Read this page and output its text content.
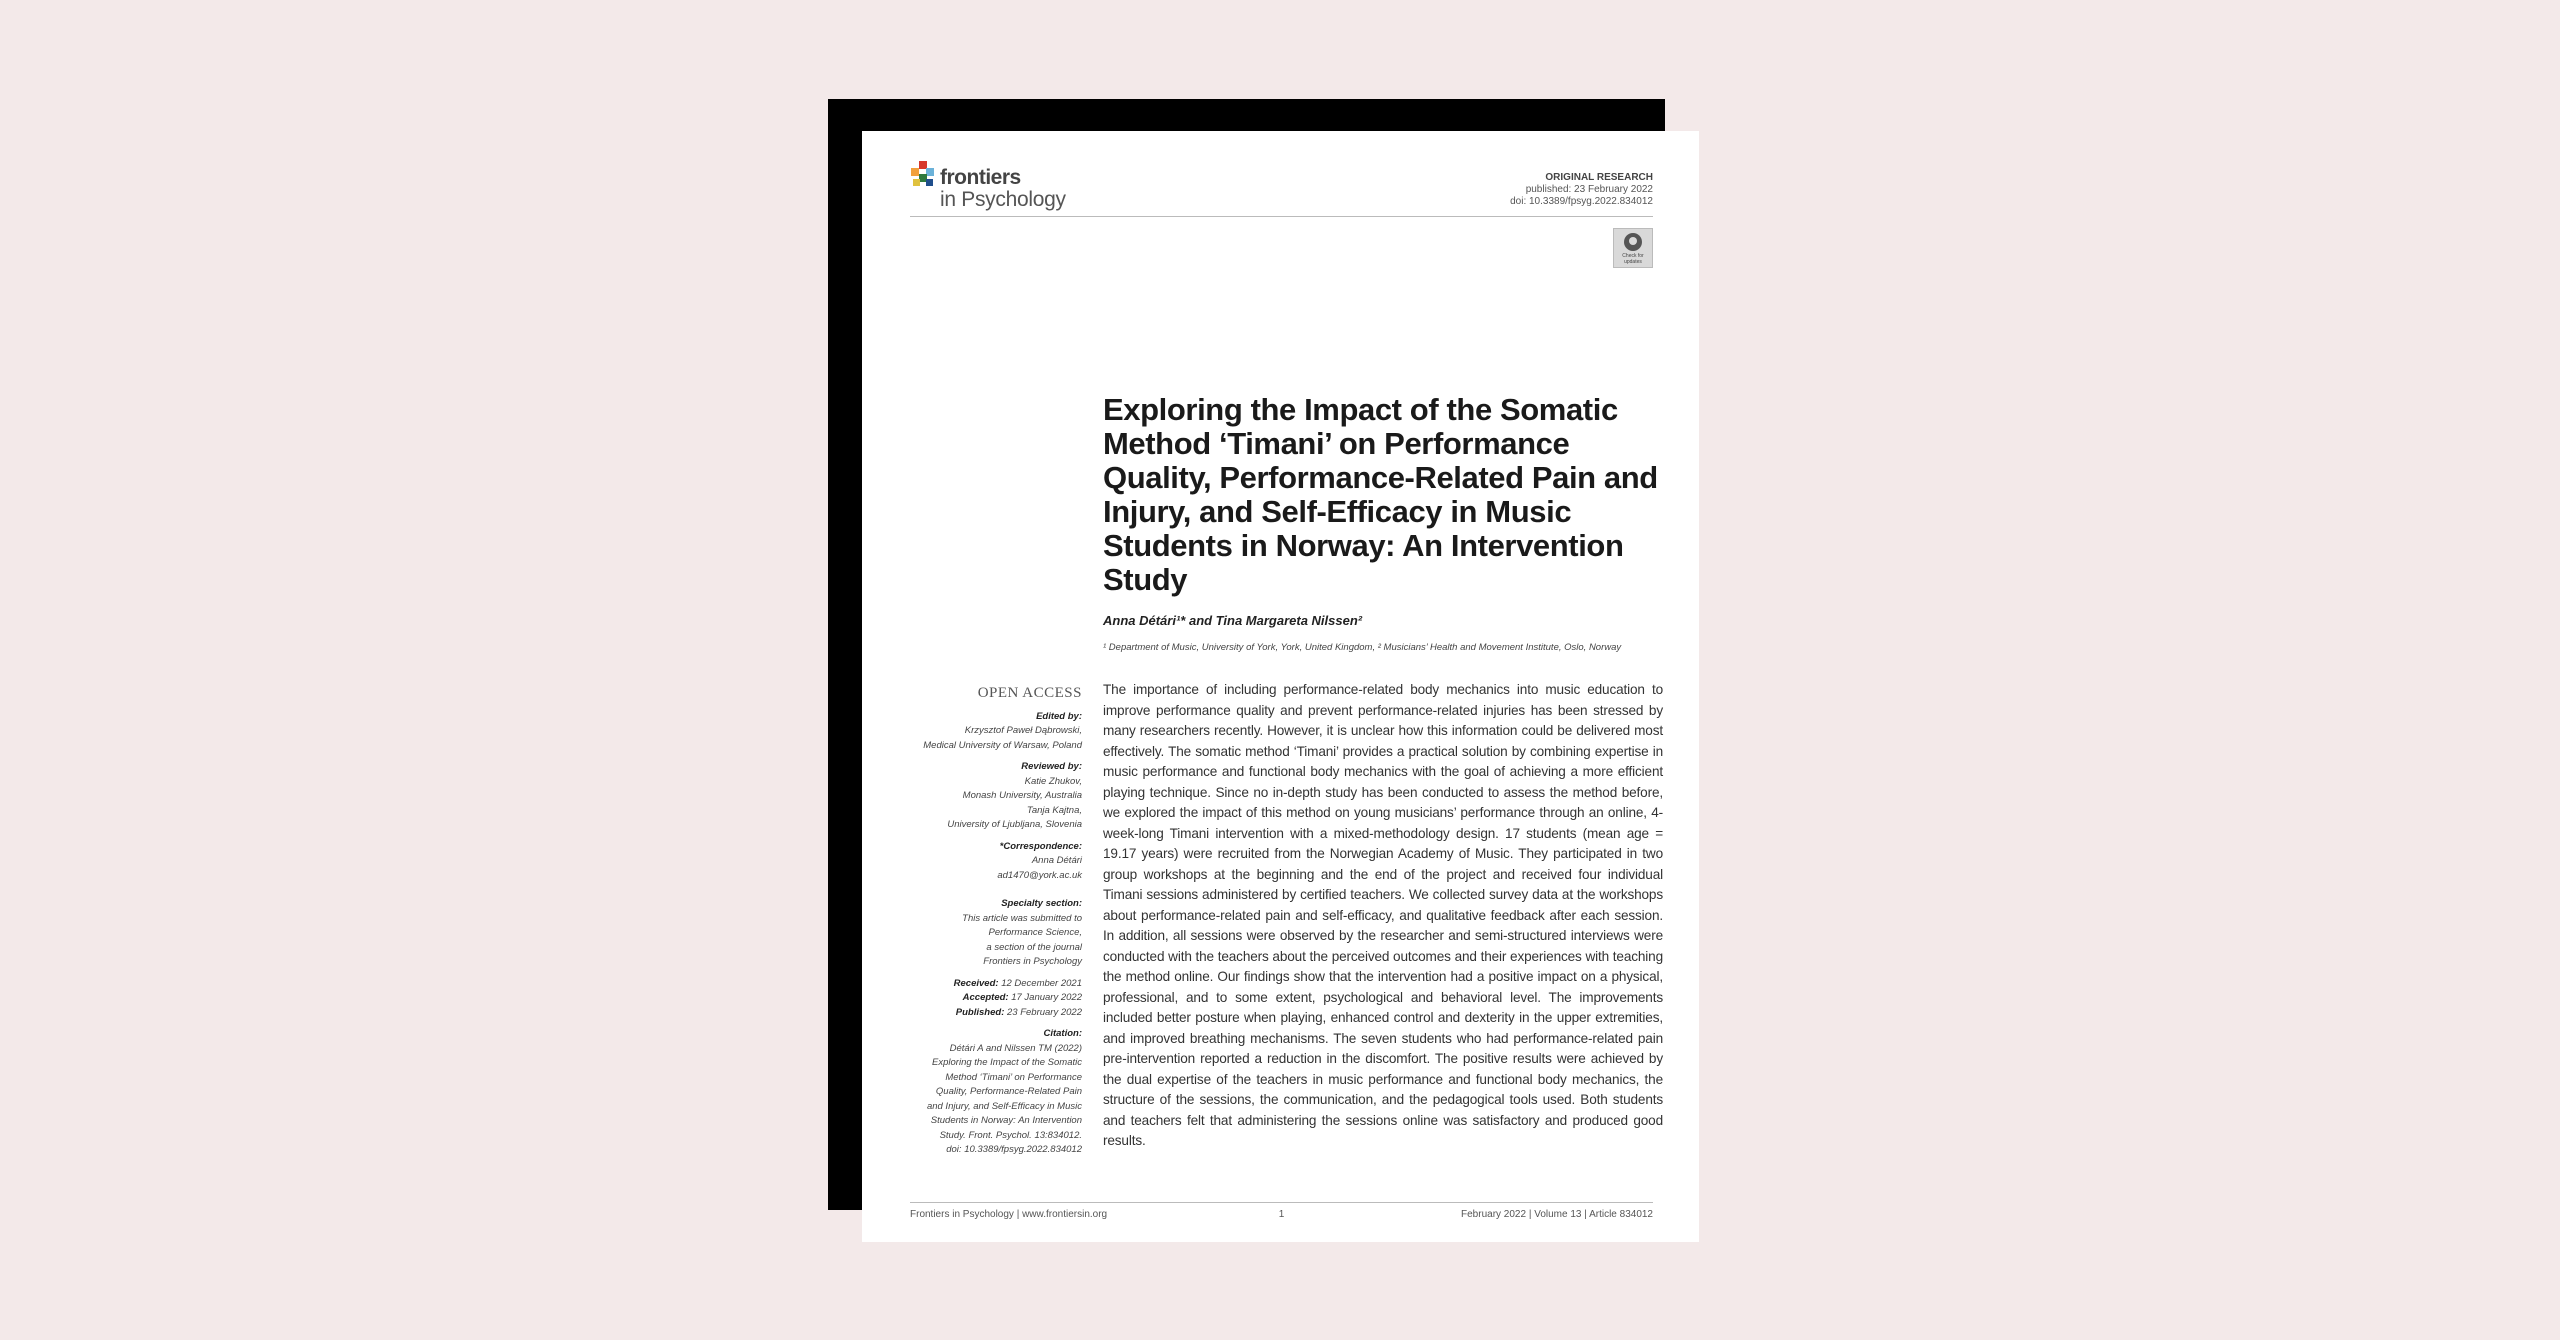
frontiers
in Psychology
ORIGINAL RESEARCH
published: 23 February 2022
doi: 10.3389/fpsyg.2022.834012
Check for updates
Exploring the Impact of the Somatic Method ‘Timani’ on Performance Quality, Performance-Related Pain and Injury, and Self-Efficacy in Music Students in Norway: An Intervention Study
Anna Détári¹* and Tina Margareta Nilssen²
¹ Department of Music, University of York, York, United Kingdom, ² Musicians’ Health and Movement Institute, Oslo, Norway
OPEN ACCESS
Edited by:
Krzysztof Paweł Dąbrowski,
Medical University of Warsaw, Poland
Reviewed by:
Katie Zhukov,
Monash University, Australia
Tanja Kajtna,
University of Ljubljana, Slovenia
*Correspondence:
Anna Détári
ad1470@york.ac.uk
Specialty section:
This article was submitted to
Performance Science,
a section of the journal
Frontiers in Psychology
Received: 12 December 2021
Accepted: 17 January 2022
Published: 23 February 2022
Citation:
Détári A and Nilssen TM (2022)
Exploring the Impact of the Somatic
Method ‘Timani’ on Performance
Quality, Performance-Related Pain
and Injury, and Self-Efficacy in Music
Students in Norway: An Intervention
Study. Front. Psychol. 13:834012.
doi: 10.3389/fpsyg.2022.834012

The importance of including performance-related body mechanics into music education to improve performance quality and prevent performance-related injuries has been stressed by many researchers recently. However, it is unclear how this information could be delivered most effectively. The somatic method ‘Timani’ provides a practical solution by combining expertise in music performance and functional body mechanics with the goal of achieving a more efficient playing technique. Since no in-depth study has been conducted to assess the method before, we explored the impact of this method on young musicians’ performance through an online, 4-week-long Timani intervention with a mixed-methodology design. 17 students (mean age = 19.17 years) were recruited from the Norwegian Academy of Music. They participated in two group workshops at the beginning and the end of the project and received four individual Timani sessions administered by certified teachers. We collected survey data at the workshops about performance-related pain and self-efficacy, and qualitative feedback after each session. In addition, all sessions were observed by the researcher and semi-structured interviews were conducted with the teachers about the perceived outcomes and their experiences with teaching the method online. Our findings show that the intervention had a positive impact on a physical, professional, and to some extent, psychological and behavioral level. The improvements included better posture when playing, enhanced control and dexterity in the upper extremities, and improved breathing mechanisms. The seven students who had performance-related pain pre-intervention reported a reduction in the discomfort. The positive results were achieved by the dual expertise of the teachers in music performance and functional body mechanics, the structure of the sessions, the communication, and the pedagogical tools used. Both students and teachers felt that administering the sessions online was satisfactory and produced good results.

Frontiers in Psychology | www.frontiersin.org	1	February 2022 | Volume 13 | Article 834012
